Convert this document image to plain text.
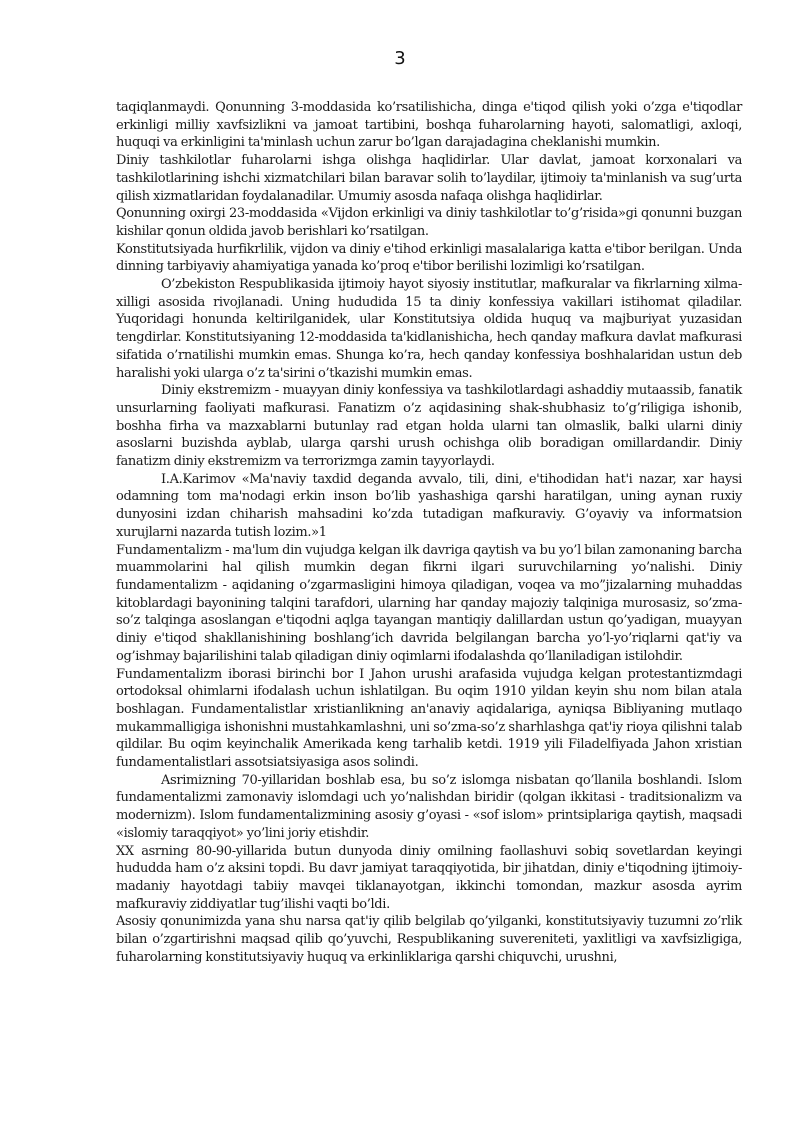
3

taqiqlanmaydi. Qonunning 3-moddasida ko’rsatilishicha, dinga e'tiqod qilish yoki o’zga e'tiqodlar erkinligi milliy xavfsizlikni va jamoat tartibini, boshqa fuharolarning hayoti, salomatligi, axloqi, huquqi va erkinligini ta'minlash uchun zarur bo’lgan darajadagina cheklanishi mumkin.

Diniy tashkilotlar fuharolarni ishga olishga haqlidirlar. Ular davlat, jamoat korxonalari va tashkilotlarining ishchi xizmatchilari bilan baravar solih to’laydilar, ijtimoiy ta'minlanish va sug’urta qilish xizmatlaridan foydalanadilar. Umumiy asosda nafaqa olishga haqlidirlar.

Qonunning oxirgi 23-moddasida «Vijdon erkinligi va diniy tashkilotlar to’g’risida»gi qonunni buzgan kishilar qonun oldida javob berishlari ko’rsatilgan.

Konstitutsiyada hurfikrlilik, vijdon va diniy e'tihod erkinligi masalalariga katta e'tibor berilgan. Unda dinning tarbiyaviy ahamiyatiga yanada ko’proq e'tibor berilishi lozimligi ko’rsatilgan.

O’zbekiston Respublikasida ijtimoiy hayot siyosiy institutlar, mafkuralar va fikrlarning xilma-xilligi asosida rivojlanadi. Uning hududida 15 ta diniy konfessiya vakillari istihomat qiladilar. Yuqoridagi honunda keltirilganidek, ular Konstitutsiya oldida huquq va majburiyat yuzasidan tengdirlar. Konstitutsiyaning 12-moddasida ta'kidlanishicha, hech qanday mafkura davlat mafkurasi sifatida o’rnatilishi mumkin emas. Shunga ko’ra, hech qanday konfessiya boshhalaridan ustun deb haralishi yoki ularga o’z ta'sirini o’tkazishi mumkin emas.

Diniy ekstremizm - muayyan diniy konfessiya va tashkilotlardagi ashaddiy mutaassib, fanatik unsurlarning faoliyati mafkurasi. Fanatizm o’z aqidasining shak-shubhasiz to’g’riligiga ishonib, boshha firha va mazxablarni butunlay rad etgan holda ularni tan olmaslik, balki ularni diniy asoslarni buzishda ayblab, ularga qarshi urush ochishga olib boradigan omillardandir. Diniy fanatizm diniy ekstremizm va terrorizmga zamin tayyorlaydi.

I.A.Karimov «Ma'naviy taxdid deganda avvalo, tili, dini, e'tihodidan hat'i nazar, xar haysi odamning tom ma'nodagi erkin inson bo’lib yashashiga qarshi haratilgan, uning aynan ruxiy dunyosini izdan chiharish mahsadini ko’zda tutadigan mafkuraviy. G’oyaviy va informatsion xurujlarni nazarda tutish lozim.»1

Fundamentalizm - ma'lum din vujudga kelgan ilk davriga qaytish va bu yo’l bilan zamonaning barcha muammolarini hal qilish mumkin degan fikrni ilgari suruvchilarning yo’nalishi. Diniy fundamentalizm - aqidaning o’zgarmasligini himoya qiladigan, voqea va mo”jizalarning muhaddas kitoblardagi bayonining talqini tarafdori, ularning har qanday majoziy talqiniga murosasiz, so’zma-so’z talqinga asoslangan e'tiqodni aqlga tayangan mantiqiy dalillardan ustun qo’yadigan, muayyan diniy e'tiqod shakllanishining boshlang’ich davrida belgilangan barcha yo’l-yo’riqlarni qat'iy va og’ishmay bajarilishini talab qiladigan diniy oqimlarni ifodalashda qo’llaniladigan istilohdir.

Fundamentalizm iborasi birinchi bor I Jahon urushi arafasida vujudga kelgan protestantizmdagi ortodoksal ohimlarni ifodalash uchun ishlatilgan. Bu oqim 1910 yildan keyin shu nom bilan atala boshlagan. Fundamentalistlar xristianlikning an'anaviy aqidalariga, ayniqsa Bibliyaning mutlaqo mukammalligiga ishonishni mustahkamlashni, uni so’zma-so’z sharhlashga qat'iy rioya qilishni talab qildilar. Bu oqim keyinchalik Amerikada keng tarhalib ketdi. 1919 yili Filadelfiyada Jahon xristian fundamentalistlari assotsiatsiyasiga asos solindi.

Asrimizning 70-yillaridan boshlab esa, bu so’z islomga nisbatan qo’llanila boshlandi. Islom fundamentalizmi zamonaviy islomdagi uch yo’nalishdan biridir (qolgan ikkitasi - traditsionalizm va modernizm). Islom fundamentalizmining asosiy g’oyasi - «sof islom» printsiplariga qaytish, maqsadi «islomiy taraqqiyot» yo’lini joriy etishdir.

XX asrning 80-90-yillarida butun dunyoda diniy omilning faollashuvi sobiq sovetlardan keyingi hududda ham o’z aksini topdi. Bu davr jamiyat taraqqiyotida, bir jihatdan, diniy e'tiqodning ijtimoiy-madaniy hayotdagi tabiiy mavqei tiklanayotgan, ikkinchi tomondan, mazkur asosda ayrim mafkuraviy ziddiyatlar tug’ilishi vaqti bo’ldi.

Asosiy qonunimizda yana shu narsa qat'iy qilib belgilab qo’yilganki, konstitutsiyaviy tuzumni zo’rlik bilan o’zgartirishni maqsad qilib qo’yuvchi, Respublikaning suvereniteti, yaxlitligi va xavfsizligiga, fuharolarning konstitutsiyaviy huquq va erkinliklariga qarshi chiquvchi, urushni,
